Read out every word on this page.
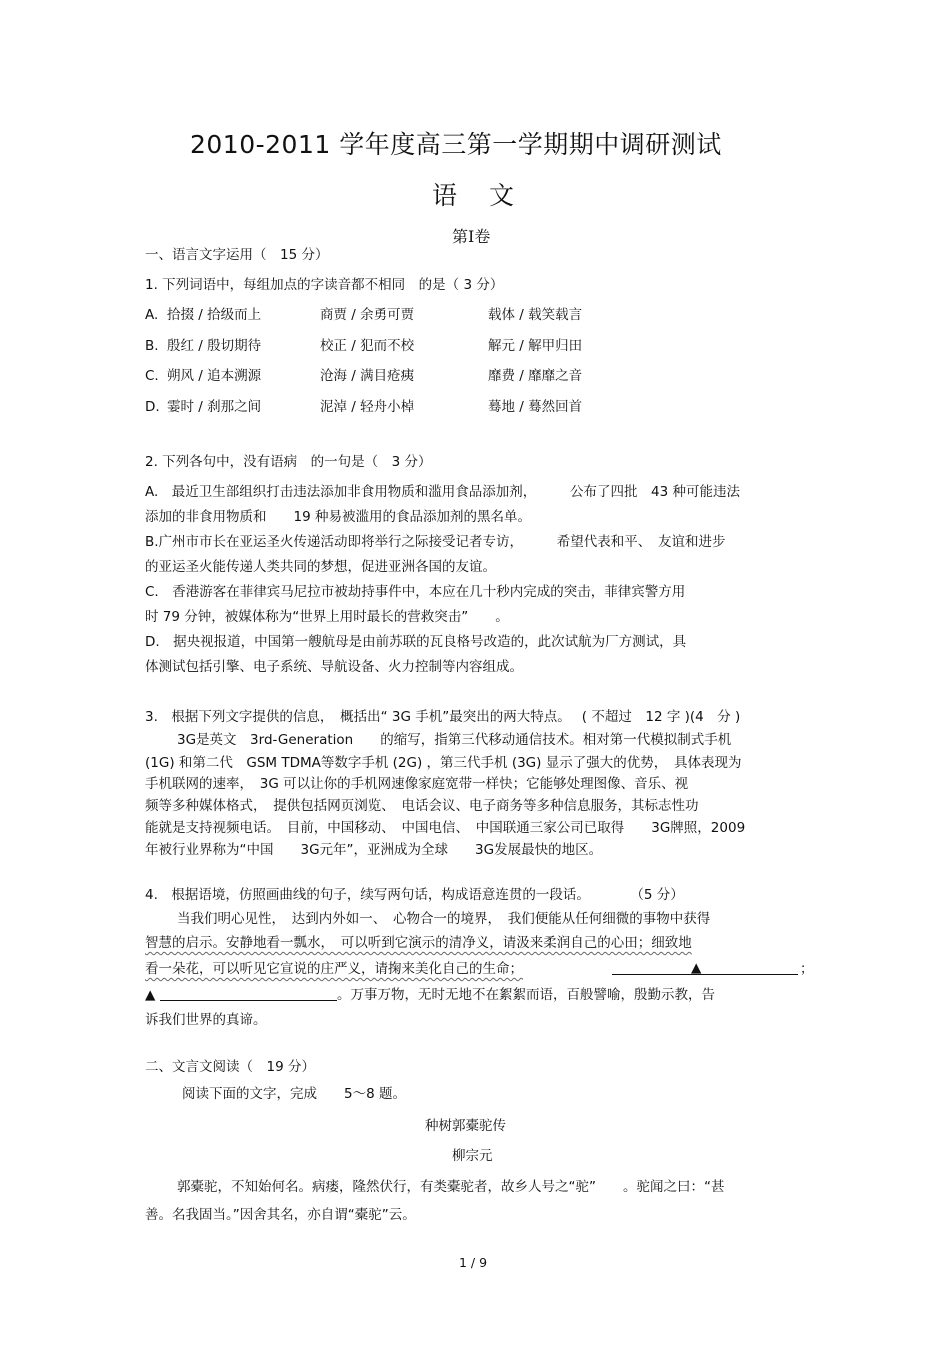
2010-2011 学年度高三第一学期期中调研测试
语文
第Ⅰ卷
一、语言文字运用（　15 分）
1. 下列词语中，每组加点的字读音都不相同　的是（ 3 分）
A. 拾掇 / 拾级而上	商贾 / 余勇可贾	载体 / 载笑载言
B. 殷红 / 殷切期待	校正 / 犯而不校	解元 / 解甲归田
C. 朔风 / 追本溯源	沧海 / 满目疮痍	靡费 / 靡靡之音
D. 霎时 / 刹那之间	泥淖 / 轻舟小棹	蓦地 / 蓦然回首
2. 下列各句中，没有语病　的一句是（　3 分）
A.　最近卫生部组织打击违法添加非食用物质和滥用食品添加剂，　　　公布了四批　43 种可能违法
添加的非食用物质和　　19 种易被滥用的食品添加剂的黑名单。
B.广州市市长在亚运圣火传递活动即将举行之际接受记者专访，　　　希望代表和平、　友谊和进步
的亚运圣火能传递人类共同的梦想，促进亚洲各国的友谊。
C.　香港游客在菲律宾马尼拉市被劫持事件中，本应在几十秒内完成的突击，菲律宾警方用
时 79 分钟，被媒体称为“世界上用时最长的营救突击”　　。
D.　据央视报道，中国第一艘航母是由前苏联的瓦良格号改造的，此次试航为厂方测试，具
体测试包括引擎、电子系统、导航设备、火力控制等内容组成。
3.　根据下列文字提供的信息，　概括出“ 3G 手机”最突出的两大特点。　 ( 不超过　12 字 )(4　分 )
3G是英文　3rd-Generation　　的缩写，指第三代移动通信技术。相对第一代模拟制式手机
(1G) 和第二代　GSM TDMA等数字手机 (2G) ，第三代手机 (3G) 显示了强大的优势，　具体表现为
手机联网的速率，　3G 可以让你的手机网速像家庭宽带一样快；它能够处理图像、音乐、视
频等多种媒体格式，　提供包括网页浏览、　电话会议、电子商务等多种信息服务，其标志性功
能就是支持视频电话。　目前，中国移动、　中国电信、　中国联通三家公司已取得　　3G牌照，2009
年被行业界称为“中国　　3G元年”，亚洲成为全球　　3G发展最快的地区。
4.　根据语境，仿照画曲线的句子，续写两句话，构成语意连贯的一段话。　　　　（5 分）
当我们明心见性，　达到内外如一、　心物合一的境界，　我们便能从任何细微的事物中获得
智慧的启示。安静地看一瓢水，　可以听到它演示的清净义，请汲来柔润自己的心田；细致地
看一朵花，可以听见它宣说的庄严义，请掬来美化自己的生命；	▲	；
▲	。万事万物，无时无地不在絮絮而语，百般譬喻，殷勤示教，告
诉我们世界的真谛。
二、文言文阅读（　19 分）
阅读下面的文字，完成　　5～8 题。
种树郭橐驼传
柳宗元
郭橐驼，不知始何名。病瘘，隆然伏行，有类橐驼者，故乡人号之“驼”　　。驼闻之曰：“甚
善。名我固当。”因舍其名，亦自谓“橐驼”云。
1 / 9
